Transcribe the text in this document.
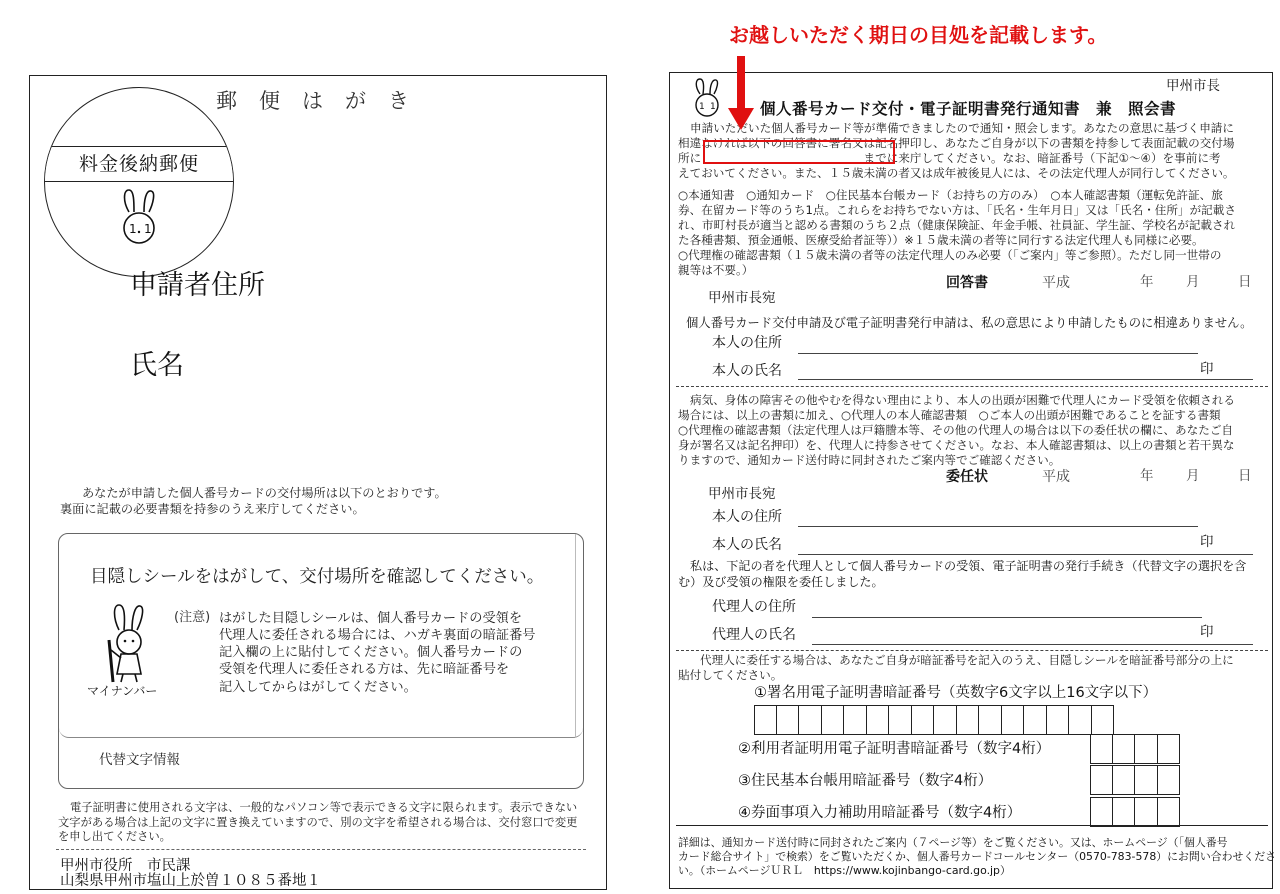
郵便はがき
料金後納郵便
1 1
申請者住所
氏名
あなたが申請した個人番号カードの交付場所は以下のとおりです。
裏面に記載の必要書類を持参のうえ来庁してください。
目隠しシールをはがして、交付場所を確認してください。
マイナンバー
(注意) はがした目隠しシールは、個人番号カードの受領を
代理人に委任される場合には、ハガキ裏面の暗証番号
記入欄の上に貼付してください。個人番号カードの
受領を代理人に委任される方は、先に暗証番号を
記入してからはがしてください。
代替文字情報
電子証明書に使用される文字は、一般的なパソコン等で表示できる文字に限られます。表示できない
文字がある場合は上記の文字に置き換えていますので、別の文字を希望される場合は、交付窓口で変更
を申し出てください。
甲州市役所　市民課
山梨県甲州市塩山上於曽１０８５番地１
1 1
甲州市長
個人番号カード交付・電子証明書発行通知書　兼　照会書
申請いただいた個人番号カード等が準備できましたので通知・照会します。あなたの意思に基づく申請に
相違なければ以下の回答書に署名又は記名押印し、あなたご自身が以下の書類を持参して表面記載の交付場
所に　　　　　　　　　　　　　　までに来庁してください。なお、暗証番号（下記①～④）を事前に考
えておいてください。また、１５歳未満の者又は成年被後見人には、その法定代理人が同行してください。
○本通知書　○通知カード　○住民基本台帳カード（お持ちの方のみ）　○本人確認書類（運転免許証、旅
券、在留カード等のうち1点。これらをお持ちでない方は、「氏名・生年月日」又は「氏名・住所」が記載さ
れ、市町村長が適当と認める書類のうち２点（健康保険証、年金手帳、社員証、学生証、学校名が記載され
た各種書類、預金通帳、医療受給者証等））※１５歳未満の者等に同行する法定代理人も同様に必要。
○代理権の確認書類（１５歳未満の者等の法定代理人のみ必要（「ご案内」等ご参照）。ただし同一世帯の
親等は不要。）
回答書	平成	年 月	日
甲州市長宛
個人番号カード交付申請及び電子証明書発行申請は、私の意思により申請したものに相違ありません。
本人の住所
本人の氏名	印
病気、身体の障害その他やむを得ない理由により、本人の出頭が困難で代理人にカード受領を依頼される
場合には、以上の書類に加え、○代理人の本人確認書類　○ご本人の出頭が困難であることを証する書類
○代理権の確認書類（法定代理人は戸籍謄本等、その他の代理人の場合は以下の委任状の欄に、あなたご自
身が署名又は記名押印）を、代理人に持参させてください。なお、本人確認書類は、以上の書類と若干異な
りますので、通知カード送付時に同封されたご案内等でご確認ください。
委任状	平成	年 月	日
甲州市長宛
本人の住所
本人の氏名	印
私は、下記の者を代理人として個人番号カードの受領、電子証明書の発行手続き（代替文字の選択を含
む）及び受領の権限を委任しました。
代理人の住所
代理人の氏名	印
代理人に委任する場合は、あなたご自身が暗証番号を記入のうえ、目隠しシールを暗証番号部分の上に
貼付してください。
①署名用電子証明書暗証番号（英数字6文字以上16文字以下）
②利用者証明用電子証明書暗証番号（数字4桁）
③住民基本台帳用暗証番号（数字4桁）
④券面事項入力補助用暗証番号（数字4桁）
詳細は、通知カード送付時に同封されたご案内（７ページ等）をご覧ください。又は、ホームページ（「個人番号
カード総合サイト」で検索）をご覧いただくか、個人番号カードコールセンター（0570-783-578）にお問い合わせくださ
い。（ホームページＵＲＬ　https://www.kojinbango-card.go.jp）
お越しいただく期日の目処を記載します。
